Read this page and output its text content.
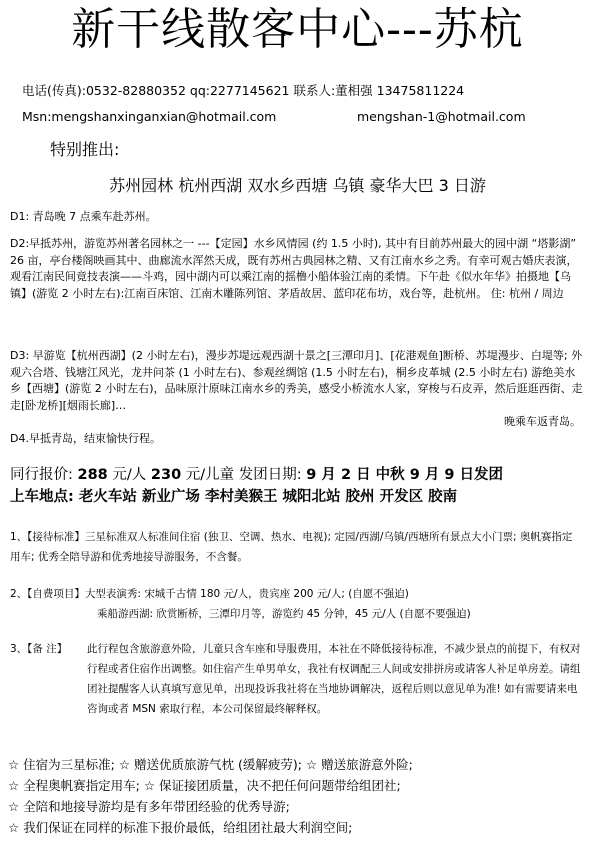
新干线散客中心---苏杭
电话(传真):0532-82880352 qq:2277145621 联系人:董相强 13475811224
Msn:mengshanxinganxian@hotmail.com	mengshan-1@hotmail.com
特别推出:
苏州园林 杭州西湖 双水乡西塘 乌镇 豪华大巴 3 日游
D1: 青岛晚 7 点乘车赴苏州。
D2:早抵苏州，游览苏州著名园林之一 ---【定园】水乡风情园 (约 1.5 小时), 其中有目前苏州最大的园中湖 “塔影湖” 26 亩，亭台楼阁映画其中、曲廊流水浑然天成，既有苏州古典园林之精、又有江南水乡之秀。有幸可观古婚庆表演，观看江南民间竟技表演——斗鸡，园中湖内可以乘江南的摇橹小船体验江南的柔情。下午赴《似水年华》拍摄地【乌镇】(游览 2 小时左右):江南百床馆、江南木雕陈列馆、茅盾故居、蓝印花布坊，戏台等，赴杭州。 住: 杭州 / 周边
D3: 早游览【杭州西湖】(2 小时左右)，漫步苏堤远观西湖十景之[三潭印月]、[花港观鱼]断桥、苏堤漫步、白堤等; 外观六合塔、钱塘江风光，龙井问茶 (1 小时左右)、参观丝绸馆 (1.5 小时左右)，桐乡皮革城 (2.5 小时左右) 游绝美水乡【西塘】(游览 2 小时左右)，品味原汁原味江南水乡的秀美，感受小桥流水人家，穿梭与石皮弄，然后逛逛西街、走走[卧龙桥][烟雨长廊]…
晚乘车返青岛。
D4.早抵青岛，结束愉快行程。
同行报价: 288 元/人 230 元/儿童 发团日期: 9 月 2 日 中秋 9 月 9 日发团
上车地点: 老火车站 新业广场 李村美猴王 城阳北站 胶州 开发区 胶南
1、【接待标准】三星标准双人标准间住宿 (独卫、空调、热水、电视); 定园/西湖/乌镇/西塘所有景点大小门票; 奥帆赛指定用车; 优秀全陪导游和优秀地接导游服务，不含餐。
2、【自费项目】大型表演秀: 宋城千古情 180 元/人，贵宾座 200 元/人; (自愿不强迫)
乘船游西湖: 欣赏断桥，三潭印月等，游览约 45 分钟，45 元/人 (自愿不要强迫)
3、【备 注】	此行程包含旅游意外险，儿童只含车座和导服费用，本社在不降低接待标准，不减少景点的前提下，有权对行程或者住宿作出调整。如住宿产生单男单女，我社有权调配三人间或安排拼房或请客人补足单房差。请组团社提醒客人认真填写意见单，出现投诉我社将在当地协调解决，返程后则以意见单为准! 如有需要请来电咨询或者 MSN 索取行程，本公司保留最终解释权。
☆ 住宿为三星标准; ☆ 赠送优质旅游气枕 (缓解疲劳); ☆ 赠送旅游意外险;
☆ 全程奥帆赛指定用车; ☆ 保证接团质量，决不把任何问题带给组团社;
☆ 全陪和地接导游均是有多年带团经验的优秀导游;
☆ 我们保证在同样的标准下报价最低，给组团社最大利润空间;
